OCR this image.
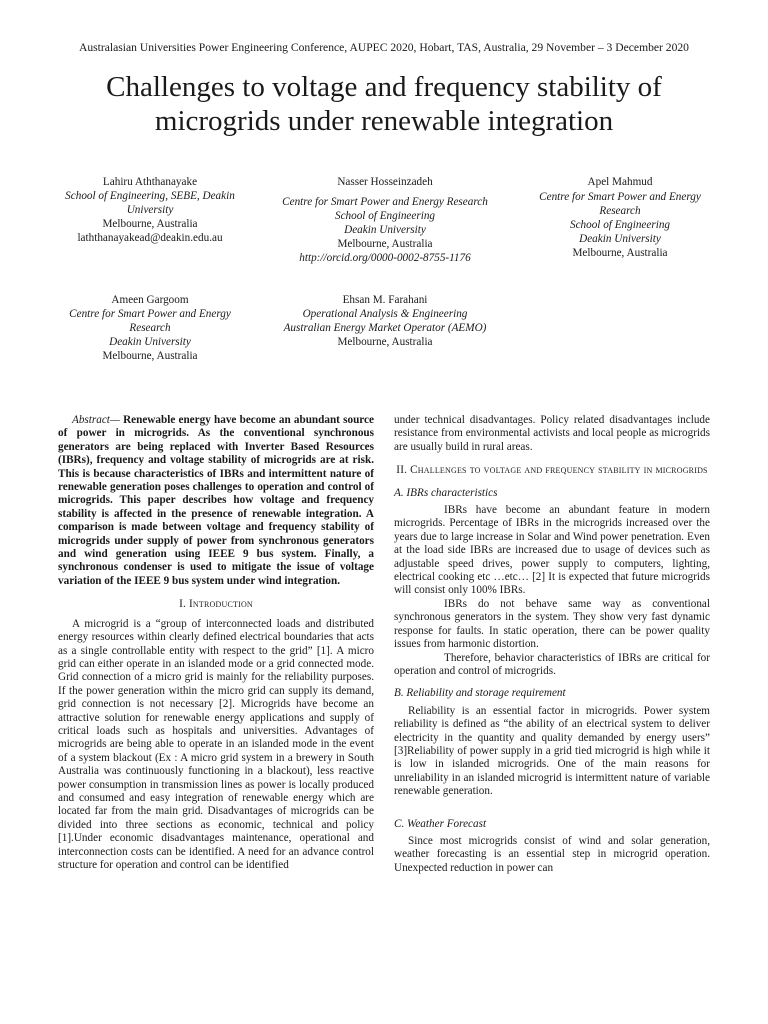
Australasian Universities Power Engineering Conference, AUPEC 2020, Hobart, TAS, Australia, 29 November – 3 December 2020
Challenges to voltage and frequency stability of
microgrids under renewable integration
Lahiru Aththanayake
School of Engineering, SEBE, Deakin University
Melbourne, Australia
laththanayakead@deakin.edu.au
Nasser Hosseinzadeh
Centre for Smart Power and Energy Research
School of Engineering
Deakin University
Melbourne, Australia
http://orcid.org/0000-0002-8755-1176
Apel Mahmud
Centre for Smart Power and Energy Research
School of Engineering
Deakin University
Melbourne, Australia
Ameen Gargoom
Centre for Smart Power and Energy Research
Deakin University
Melbourne, Australia
Ehsan M. Farahani
Operational Analysis & Engineering
Australian Energy Market Operator (AEMO)
Melbourne, Australia

Abstract— Renewable energy have become an abundant source of power in microgrids. As the conventional synchronous generators are being replaced with Inverter Based Resources (IBRs), frequency and voltage stability of microgrids are at risk. This is because characteristics of IBRs and intermittent nature of renewable generation poses challenges to operation and control of microgrids. This paper describes how voltage and frequency stability is affected in the presence of renewable integration. A comparison is made between voltage and frequency stability of microgrids under supply of power from synchronous generators and wind generation using IEEE 9 bus system. Finally, a synchronous condenser is used to mitigate the issue of voltage variation of the IEEE 9 bus system under wind integration.

I. Introduction

A microgrid is a “group of interconnected loads and distributed energy resources within clearly defined electrical boundaries that acts as a single controllable entity with respect to the grid” [1]. A micro grid can either operate in an islanded mode or a grid connected mode. Grid connection of a micro grid is mainly for the reliability purposes. If the power generation within the micro grid can supply its demand, grid connection is not necessary [2]. Microgrids have become an attractive solution for renewable energy applications and supply of critical loads such as hospitals and universities. Advantages of microgrids are being able to operate in an islanded mode in the event of a system blackout (Ex : A micro grid system in a brewery in South Australia was continuously functioning in a blackout), less reactive power consumption in transmission lines as power is locally produced and consumed and easy integration of renewable energy which are located far from the main grid. Disadvantages of microgrids can be divided into three sections as economic, technical and policy [1].Under economic disadvantages maintenance, operational and interconnection costs can be identified. A need for an advance control structure for operation and control can be identified

under technical disadvantages. Policy related disadvantages include resistance from environmental activists and local people as microgrids are usually build in rural areas.

II. Challenges to voltage and frequency stability in microgrids
A. IBRs characteristics

IBRs have become an abundant feature in modern microgrids. Percentage of IBRs in the microgrids increased over the years due to large increase in Solar and Wind power penetration. Even at the load side IBRs are increased due to usage of devices such as adjustable speed drives, power supply to computers, lighting, electrical cooking etc …etc… [2] It is expected that future microgrids will consist only 100% IBRs.

IBRs do not behave same way as conventional synchronous generators in the system. They show very fast dynamic response for faults. In static operation, there can be power quality issues from harmonic distortion.

Therefore, behavior characteristics of IBRs are critical for operation and control of microgrids.

B. Reliability and storage requirement

Reliability is an essential factor in microgrids. Power system reliability is defined as “the ability of an electrical system to deliver electricity in the quantity and quality demanded by energy users” [3]Reliability of power supply in a grid tied microgrid is high while it is low in islanded microgrids. One of the main reasons for unreliability in an islanded microgrid is intermittent nature of variable renewable generation.

C. Weather Forecast

Since most microgrids consist of wind and solar generation, weather forecasting is an essential step in microgrid operation. Unexpected reduction in power can
